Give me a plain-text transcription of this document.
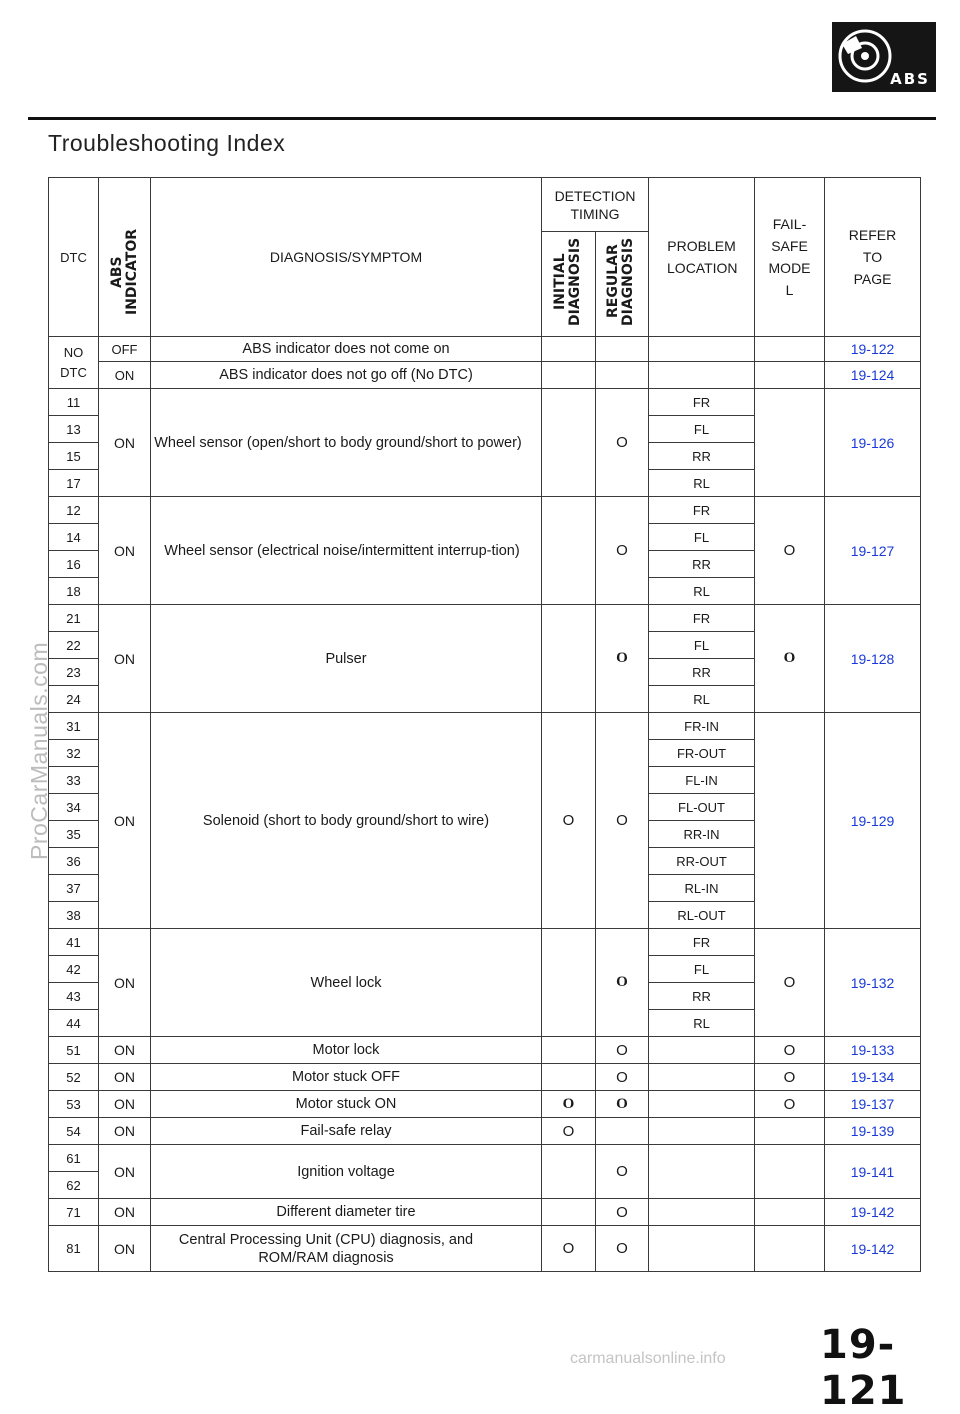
ABS
Troubleshooting Index
DTC	ABS INDICATOR	DIAGNOSIS/SYMPTOM	DETECTION
TIMING		PROBLEM LOCATION	FAIL-SAFE MODE L	REFER TO PAGE
			INITIAL DIAGNOSIS	REGULAR DIAGNOSIS			
NO DTC	OFF	ABS indicator does not come on					19-122
	ON	ABS indicator does not go off (No DTC)					19-124
11	ON	Wheel sensor (open/short to body ground/short to power)		O	FR		19-126
13					FL		
15					RR		
17					RL		
12	ON	Wheel sensor (electrical noise/intermittent interrup-tion)		O	FR	O	19-127
14					FL		
16					RR		
18					RL		
21	ON	Pulser		O	FR	O	19-128
22					FL		
23					RR		
24					RL		
31	ON	Solenoid (short to body ground/short to wire)	O	O	FR-IN		19-129
32					FR-OUT		
33					FL-IN		
34					FL-OUT		
35					RR-IN		
36					RR-OUT		
37					RL-IN		
38					RL-OUT		
41	ON	Wheel lock		O	FR	O	19-132
42					FL		
43					RR		
44					RL		
51	ON	Motor lock		O		O	19-133
52	ON	Motor stuck OFF		O		O	19-134
53	ON	Motor stuck ON	O	O		O	19-137
54	ON	Fail-safe relay	O				19-139
61	ON	Ignition voltage		O			19-141
62							
71	ON	Different diameter tire		O			19-142
81	ON	Central Processing Unit (CPU) diagnosis, and ROM/RAM diagnosis	O	O			19-142
ProCarManuals.com
19-121
carmanualsonline.info
